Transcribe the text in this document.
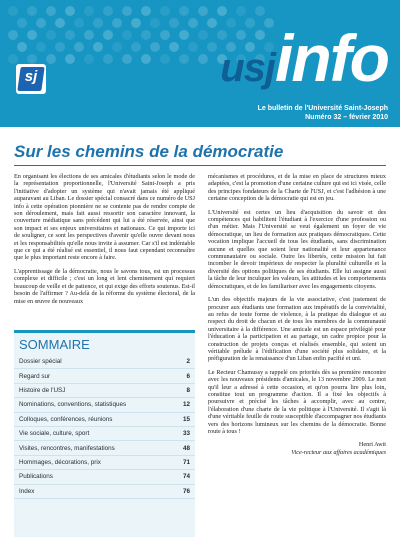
sj	usjinfo
Le bulletin de l'Université Saint-Joseph
Numéro 32 – février 2010
Sur les chemins de la démocratie

En organisant les élections de ses amicales d'étudiants selon le mode de la représentation proportionnelle, l'Université Saint-Joseph a pris l'initiative d'adopter un système qui n'avait jamais été appliqué auparavant au Liban. Le dossier spécial consacré dans ce numéro de USJ info à cette opération pionnière ne se contente pas de rendre compte de son déroulement, mais fait aussi ressortir son caractère innovant, la couverture médiatique sans précédent qui lui a été réservée, ainsi que son impact et ses enjeux universitaires et nationaux. Ce qui importe ici de souligner, ce sont les perspectives d'avenir qu'elle ouvre devant nous et les responsabilités qu'elle nous invite à assumer. Car s'il est indéniable que ce qui a été réalisé est essentiel, il nous faut cependant reconnaître que le plus important reste encore à faire.

L'apprentissage de la démocratie, nous le savons tous, est un processus complexe et difficile ; c'est un long et lent cheminement qui requiert beaucoup de veille et de patience, et qui exige des efforts soutenus. Est-il besoin de l'affirmer ? Au-delà de la réforme du système électoral, de la mise en œuvre de nouveaux

SOMMAIRE
Dossier spécial	2
Regard sur	6
Histoire de l'USJ	8
Nominations, conventions, statistiques	12
Colloques, conférences, réunions	15
Vie sociale, culture, sport	33
Visites, rencontres, manifestations	48
Hommages, décorations, prix	71
Publications	74
Index	76

mécanismes et procédures, et de la mise en place de structures mieux adaptées, c'est la promotion d'une certaine culture qui est ici visée, celle des principes fondateurs de la Charte de l'USJ, et c'est l'adhésion à une certaine conception de la démocratie qui est en jeu.

L'Université est certes un lieu d'acquisition du savoir et des compétences qui habilitent l'étudiant à l'exercice d'une profession ou d'un métier. Mais l'Université se veut également un foyer de vie démocratique, un lieu de formation aux pratiques démocratiques. Cette vocation implique l'accueil de tous les étudiants, sans discrimination aucune et quelles que soient leur nationalité et leur appartenance communautaire ou sociale. Outre les libertés, cette mission lui fait incomber le devoir impérieux de respecter la pluralité culturelle et la diversité des options politiques de ses étudiants. Elle lui assigne aussi la tâche de leur inculquer les valeurs, les attitudes et les comportements démocratiques, et de les familiariser avec les engagements citoyens.

L'un des objectifs majeurs de la vie associative, c'est justement de procurer aux étudiants une formation aux impératifs de la convivialité, au refus de toute forme de violence, à la pratique du dialogue et au respect du droit de chacun et de tous les membres de la communauté universitaire à la différence. Une amicale est un espace privilégié pour l'éducation à la participation et au partage, un cadre propice pour la construction de projets conçus et réalisés ensemble, qui soient un véritable prélude à l'édification d'une société plus solidaire, et la préfiguration de la renaissance d'un Liban enfin pacifié et uni.

Le Recteur Chamussy a rappelé ces priorités dès sa première rencontre avec les nouveaux présidents d'amicales, le 13 novembre 2009. Le mot qu'il leur a adressé à cette occasion, et qu'on pourra lire plus loin, constitue tout un programme d'action. Il a fixé les objectifs à poursuivre et précisé les tâches à accomplir, avec au centre, l'élaboration d'une charte de la vie politique à l'Université. Il s'agit là d'une véritable feuille de route susceptible d'accompagner nos étudiants vers des horizons lumineux sur les chemins de la démocratie. Bonne route à tous !

Henri Awit
Vice-recteur aux affaires académiques
